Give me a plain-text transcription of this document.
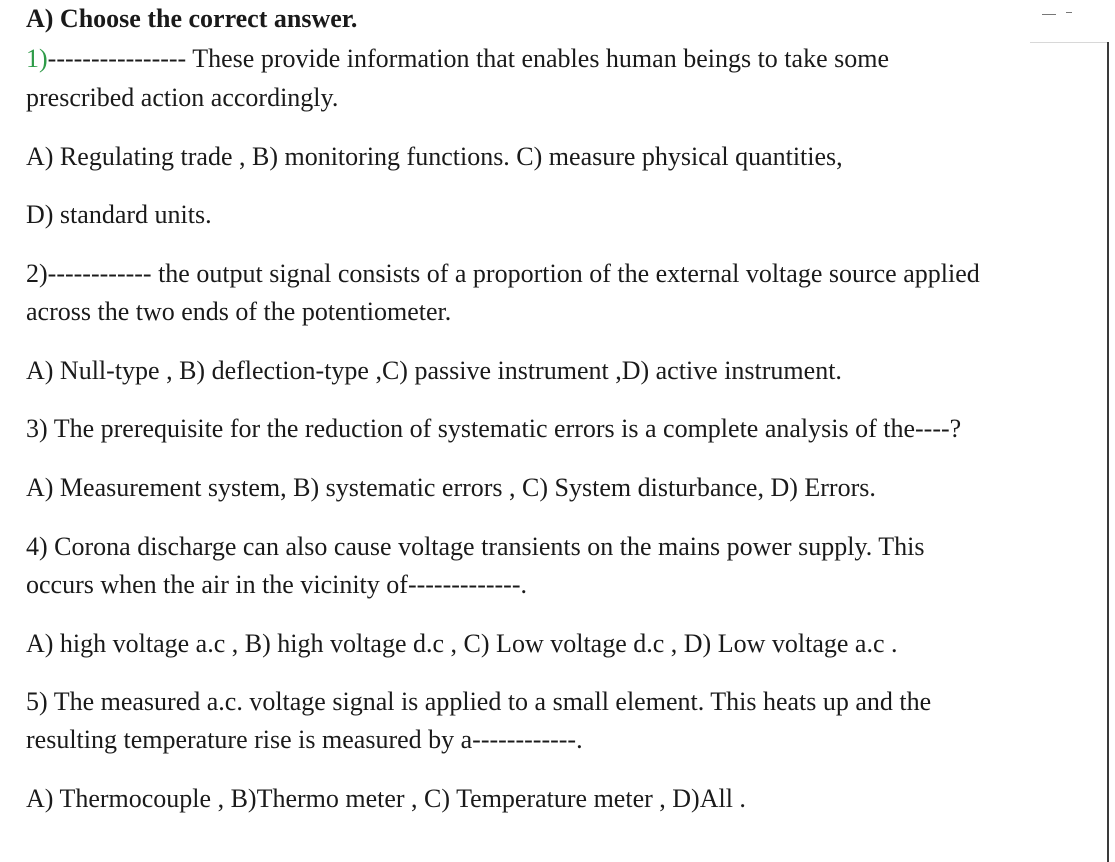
A) Choose the correct answer.
1)---------------- These provide information that enables human beings to take some
prescribed action accordingly.
A) Regulating trade , B) monitoring functions. C) measure physical quantities,
D) standard units.
2)------------ the output signal consists of a proportion of the external voltage source applied
across the two ends of the potentiometer.
A) Null-type , B) deflection-type ,C) passive instrument ,D) active instrument.
3) The prerequisite for the reduction of systematic errors is a complete analysis of the----?
A) Measurement system, B) systematic errors , C) System disturbance, D) Errors.
4) Corona discharge can also cause voltage transients on the mains power supply. This
occurs when the air in the vicinity of-------------.
A) high voltage a.c , B) high voltage d.c , C) Low voltage d.c , D) Low voltage a.c .
5) The measured a.c. voltage signal is applied to a small element. This heats up and the
resulting temperature rise is measured by a------------.
A) Thermocouple , B)Thermo meter , C) Temperature meter , D)All .
